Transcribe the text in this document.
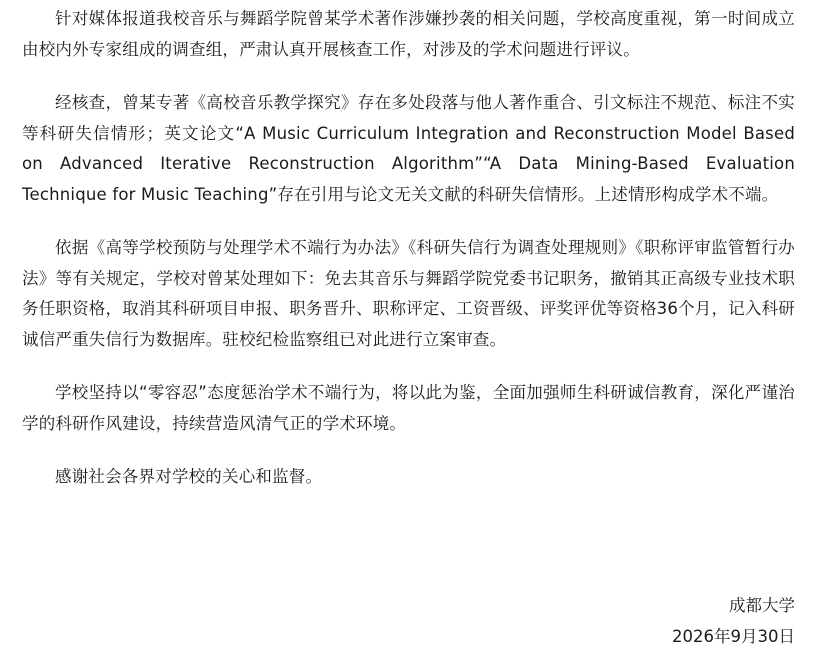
针对媒体报道我校音乐与舞蹈学院曾某学术著作涉嫌抄袭的相关问题，学校高度重视，第一时间成立由校内外专家组成的调查组，严肃认真开展核查工作，对涉及的学术问题进行评议。

经核查，曾某专著《高校音乐教学探究》存在多处段落与他人著作重合、引文标注不规范、标注不实等科研失信情形；英文论文“A Music Curriculum Integration and Reconstruction Model Based on Advanced Iterative Reconstruction Algorithm”“A Data Mining-Based Evaluation Technique for Music Teaching”存在引用与论文无关文献的科研失信情形。上述情形构成学术不端。

依据《高等学校预防与处理学术不端行为办法》《科研失信行为调查处理规则》《职称评审监管暂行办法》等有关规定，学校对曾某处理如下：免去其音乐与舞蹈学院党委书记职务，撤销其正高级专业技术职务任职资格，取消其科研项目申报、职务晋升、职称评定、工资晋级、评奖评优等资格36个月，记入科研诚信严重失信行为数据库。驻校纪检监察组已对此进行立案审查。

学校坚持以“零容忍”态度惩治学术不端行为，将以此为鉴，全面加强师生科研诚信教育，深化严谨治学的科研作风建设，持续营造风清气正的学术环境。

感谢社会各界对学校的关心和监督。

成都大学
2026年9月30日
